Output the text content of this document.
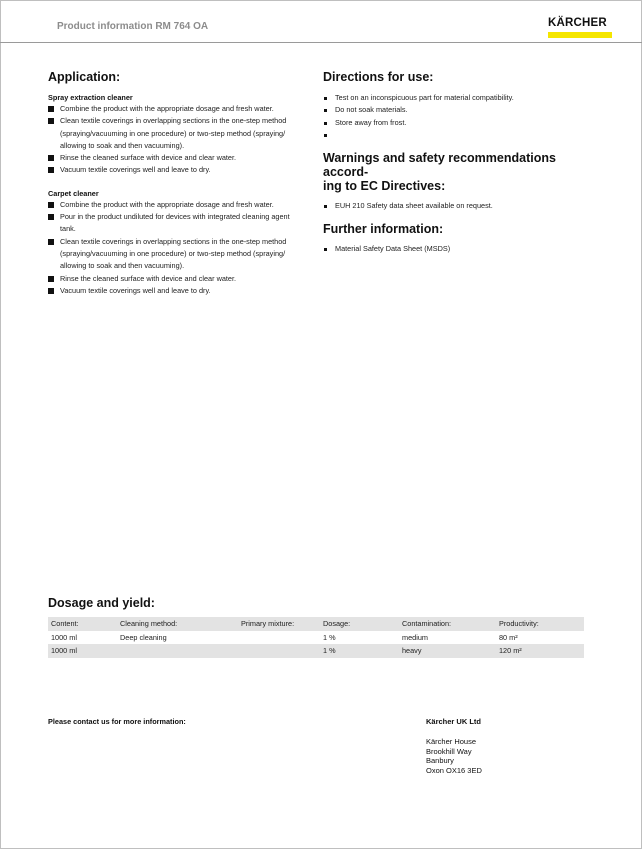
Product information RM 764 OA	KÄRCHER
Application:
Spray extraction cleaner
Combine the product with the appropriate dosage and fresh water.
Clean textile coverings in overlapping sections in the one-step method
(spraying/vacuuming in one procedure) or two-step method (spraying/
allowing to soak and then vacuuming).
Rinse the cleaned surface with device and clear water.
Vacuum textile coverings well and leave to dry.
Carpet cleaner
Combine the product with the appropriate dosage and fresh water.
Pour in the product undiluted for devices with integrated cleaning agent
tank.
Clean textile coverings in overlapping sections in the one-step method
(spraying/vacuuming in one procedure) or two-step method (spraying/
allowing to soak and then vacuuming).
Rinse the cleaned surface with device and clear water.
Vacuum textile coverings well and leave to dry.
Directions for use:
Test on an inconspicuous part for material compatibility.
Do not soak materials.
Store away from frost.

Warnings and safety recommendations accord-
ing to EC Directives:
EUH 210 Safety data sheet available on request.
Further information:
Material Safety Data Sheet (MSDS)
Dosage and yield:
Content:	Cleaning method:	Primary mixture:	Dosage:	Contamination:	Productivity:
1000 ml	Deep cleaning		1 %	medium	80 m²
1000 ml			1 %	heavy	120 m²
Please contact us for more information:	Kärcher UK Ltd
Kärcher House
Brookhill Way
Banbury
Oxon OX16 3ED
